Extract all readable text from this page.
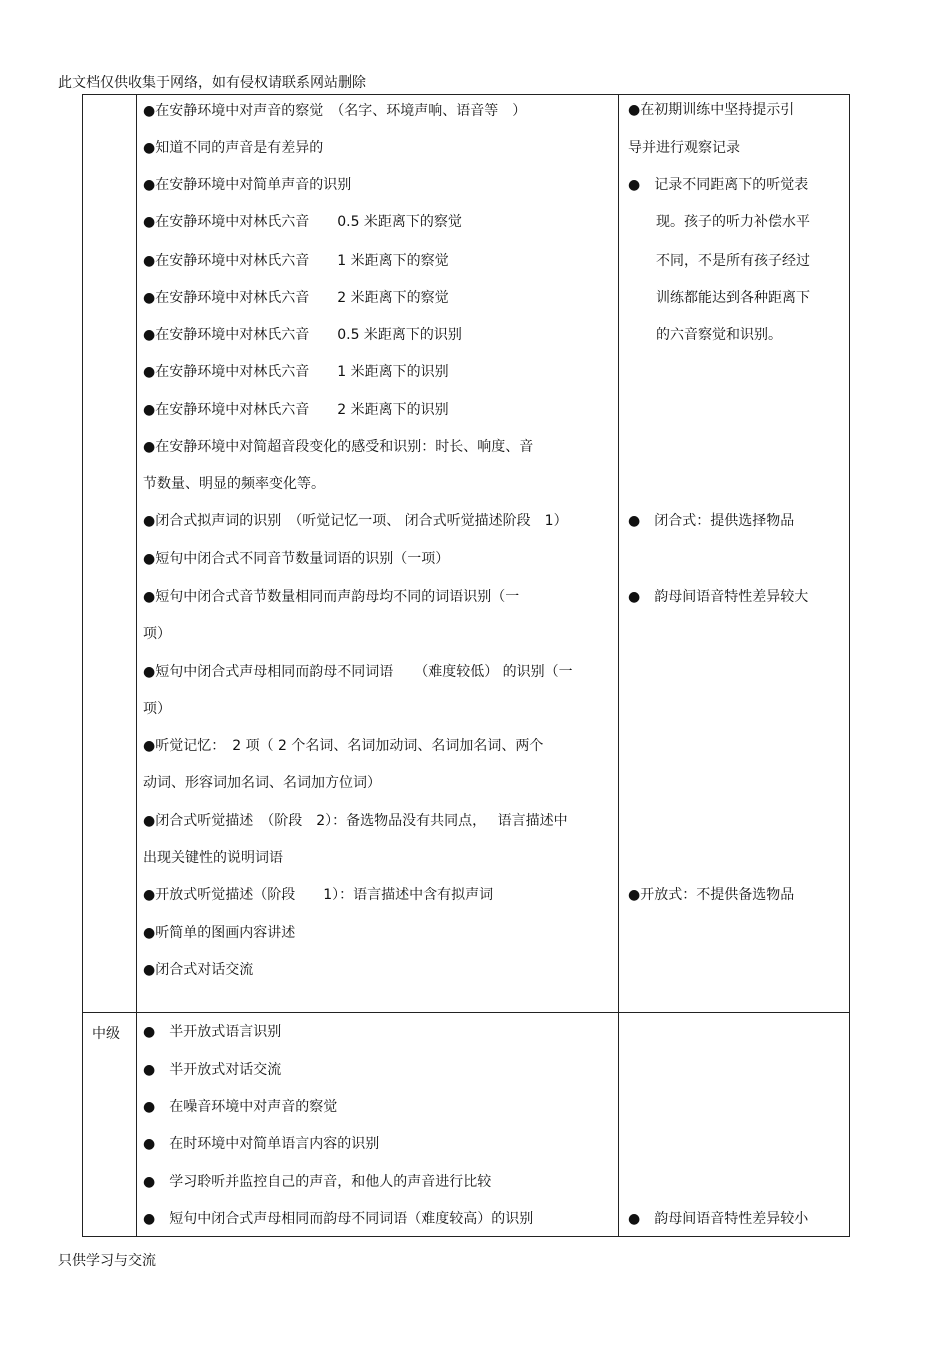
此文档仅供收集于网络，如有侵权请联系网站删除
●在安静环境中对声音的察觉　（名字、环境声响、语音等　）
●知道不同的声音是有差异的
●在安静环境中对简单声音的识别
●在安静环境中对林氏六音　　0.5 米距离下的察觉
●在安静环境中对林氏六音　　1 米距离下的察觉
●在安静环境中对林氏六音　　2 米距离下的察觉
●在安静环境中对林氏六音　　0.5 米距离下的识别
●在安静环境中对林氏六音　　1 米距离下的识别
●在安静环境中对林氏六音　　2 米距离下的识别
●在安静环境中对简超音段变化的感受和识别：时长、响度、音
节数量、明显的频率变化等。
●闭合式拟声词的识别　（听觉记忆一项、 闭合式听觉描述阶段　1）
●短句中闭合式不同音节数量词语的识别（一项）
●短句中闭合式音节数量相同而声韵母均不同的词语识别（一
项）
●短句中闭合式声母相同而韵母不同词语　　（难度较低） 的识别（一
项）
●听觉记忆：　2 项（ 2 个名词、名词加动词、名词加名词、两个
动词、形容词加名词、名词加方位词）
●闭合式听觉描述　（阶段　2）：备选物品没有共同点，　 语言描述中
出现关键性的说明词语
●开放式听觉描述（阶段　　1）：语言描述中含有拟声词
●听简单的图画内容讲述
●闭合式对话交流
●在初期训练中坚持提示引
导并进行观察记录
●　记录不同距离下的听觉表
　　现。孩子的听力补偿水平
　　不同，不是所有孩子经过
　　训练都能达到各种距离下
　　的六音察觉和识别。
●　闭合式：提供选择物品
●　韵母间语音特性差异较大
●开放式：不提供备选物品
中级 ●　半开放式语言识别
●　半开放式对话交流
●　在噪音环境中对声音的察觉
●　在时环境中对简单语言内容的识别
●　学习聆听并监控自己的声音，和他人的声音进行比较
●　短句中闭合式声母相同而韵母不同词语（难度较高）的识别	●　韵母间语音特性差异较小
只供学习与交流
